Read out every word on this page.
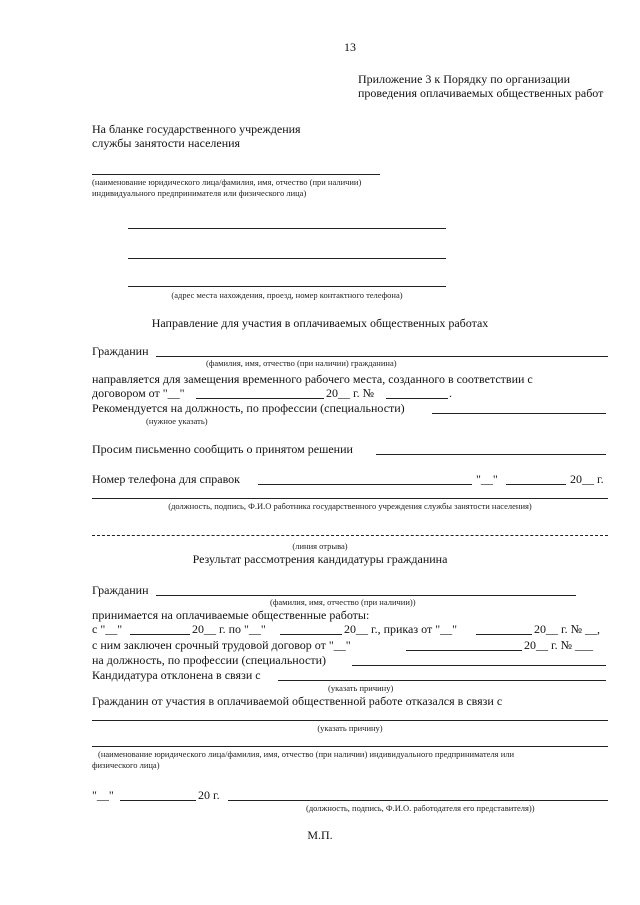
13
Приложение 3 к Порядку по организации
проведения оплачиваемых общественных работ
На бланке государственного учреждения
службы занятости населения
(наименование юридического лица/фамилия, имя, отчество (при наличии)
индивидуального предпринимателя или физического лица)
(адрес места нахождения, проезд, номер контактного телефона)
Направление для участия в оплачиваемых общественных работах
Гражданин
(фамилия, имя, отчество (при наличии) гражданина)
направляется для замещения временного рабочего места, созданного в соответствии с
договором от "__"	20__ г. №	.
Рекомендуется на должность, по профессии (специальности)
(нужное указать)
Просим письменно сообщить о принятом решении
Номер телефона для справок	"__"	20__ г.
(должность, подпись, Ф.И.О работника государственного учреждения службы занятости населения)
(линия отрыва)
Результат рассмотрения кандидатуры гражданина
Гражданин
(фамилия, имя, отчество (при наличии))
принимается на оплачиваемые общественные работы:
с "__"	20__ г. по "__"	20__ г., приказ от "__"	20__ г. № __,
с ним заключен срочный трудовой договор от "__"	20__ г. № ___
на должность, по профессии (специальности)
Кандидатура отклонена в связи с
(указать причину)
Гражданин от участия в оплачиваемой общественной работе отказался в связи с
(указать причину)
(наименование юридического лица/фамилия, имя, отчество (при наличии) индивидуального предпринимателя или
физического лица)
"__"	20 г.
(должность, подпись, Ф.И.О. работодателя его представителя))
М.П.
